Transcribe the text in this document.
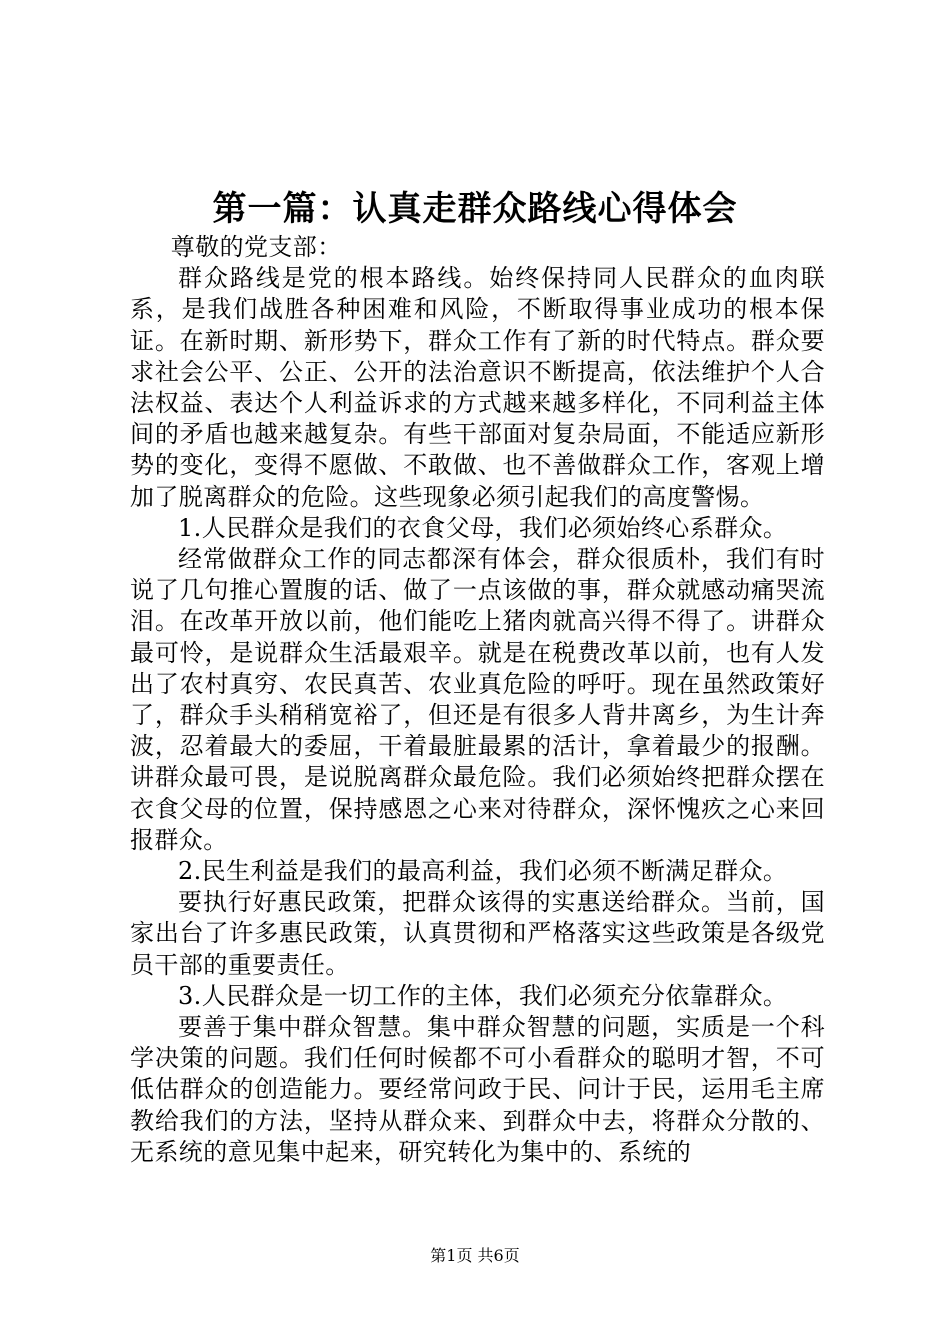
第一篇：认真走群众路线心得体会

尊敬的党支部：

群众路线是党的根本路线。始终保持同人民群众的血肉联系，是我们战胜各种困难和风险，不断取得事业成功的根本保证。在新时期、新形势下，群众工作有了新的时代特点。群众要求社会公平、公正、公开的法治意识不断提高，依法维护个人合法权益、表达个人利益诉求的方式越来越多样化，不同利益主体间的矛盾也越来越复杂。有些干部面对复杂局面，不能适应新形势的变化，变得不愿做、不敢做、也不善做群众工作，客观上增加了脱离群众的危险。这些现象必须引起我们的高度警惕。

1.人民群众是我们的衣食父母，我们必须始终心系群众。

经常做群众工作的同志都深有体会，群众很质朴，我们有时说了几句推心置腹的话、做了一点该做的事，群众就感动痛哭流泪。在改革开放以前，他们能吃上猪肉就高兴得不得了。讲群众最可怜，是说群众生活最艰辛。就是在税费改革以前，也有人发出了农村真穷、农民真苦、农业真危险的呼吁。现在虽然政策好了，群众手头稍稍宽裕了，但还是有很多人背井离乡，为生计奔波，忍着最大的委屈，干着最脏最累的活计，拿着最少的报酬。讲群众最可畏，是说脱离群众最危险。我们必须始终把群众摆在衣食父母的位置，保持感恩之心来对待群众，深怀愧疚之心来回报群众。

2.民生利益是我们的最高利益，我们必须不断满足群众。

要执行好惠民政策，把群众该得的实惠送给群众。当前，国家出台了许多惠民政策，认真贯彻和严格落实这些政策是各级党员干部的重要责任。

3.人民群众是一切工作的主体，我们必须充分依靠群众。

要善于集中群众智慧。集中群众智慧的问题，实质是一个科学决策的问题。我们任何时候都不可小看群众的聪明才智，不可低估群众的创造能力。要经常问政于民、问计于民，运用毛主席教给我们的方法，坚持从群众来、到群众中去，将群众分散的、无系统的意见集中起来，研究转化为集中的、系统的

第1页 共6页
